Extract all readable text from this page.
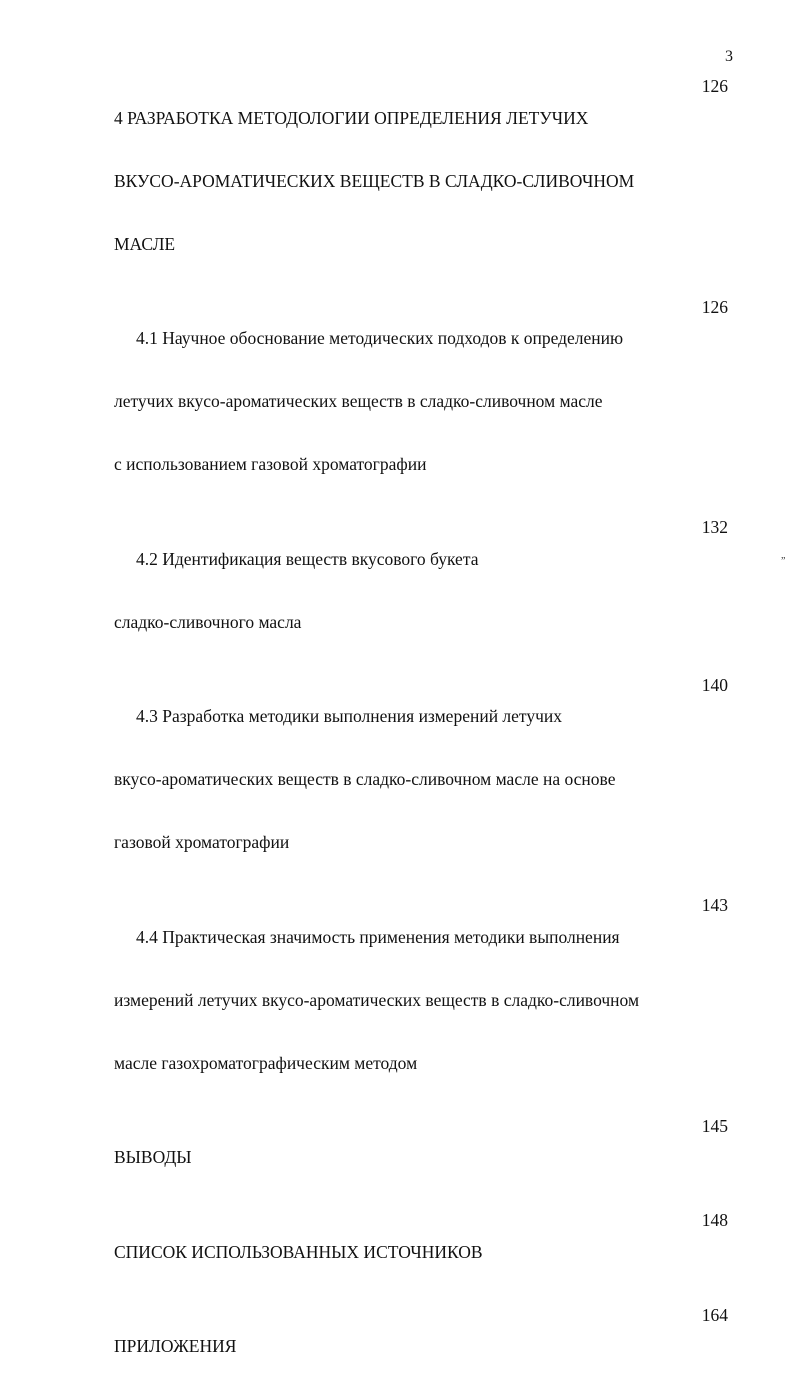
3

4 РАЗРАБОТКА МЕТОДОЛОГИИ ОПРЕДЕЛЕНИЯ ЛЕТУЧИХ

ВКУСО-АРОМАТИЧЕСКИХ ВЕЩЕСТВ В СЛАДКО-СЛИВОЧНОМ

МАСЛЕ

126

4.1 Научное обоснование методических подходов к определению

летучих вкусо-ароматических веществ в сладко-сливочном масле

с использованием газовой хроматографии

126

4.2 Идентификация веществ вкусового букета

сладко-сливочного масла

132

4.3 Разработка методики выполнения измерений летучих

вкусо-ароматических веществ в сладко-сливочном масле на основе

газовой хроматографии

140

4.4 Практическая значимость применения методики выполнения

измерений летучих вкусо-ароматических веществ в сладко-сливочном

масле газохроматографическим методом

143

ВЫВОДЫ

145

СПИСОК ИСПОЛЬЗОВАННЫХ ИСТОЧНИКОВ

148

ПРИЛОЖЕНИЯ

164
”
